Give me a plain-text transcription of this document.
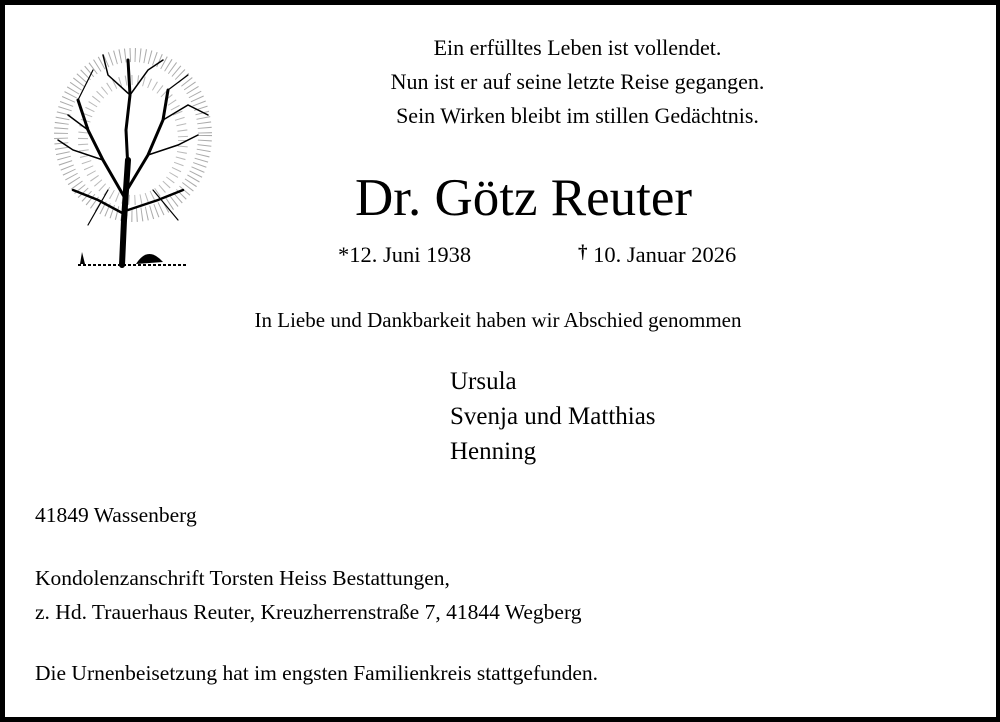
Ein erfülltes Leben ist vollendet.
Nun ist er auf seine letzte Reise gegangen.
Sein Wirken bleibt im stillen Gedächtnis.
Dr. Götz Reuter
*12. Juni 1938	† 10. Januar 2026
In Liebe und Dankbarkeit haben wir Abschied genommen
Ursula
Svenja und Matthias
Henning
41849 Wassenberg
Kondolenzanschrift Torsten Heiss Bestattungen,
z. Hd. Trauerhaus Reuter, Kreuzherrenstraße 7, 41844 Wegberg
Die Urnenbeisetzung hat im engsten Familienkreis stattgefunden.
